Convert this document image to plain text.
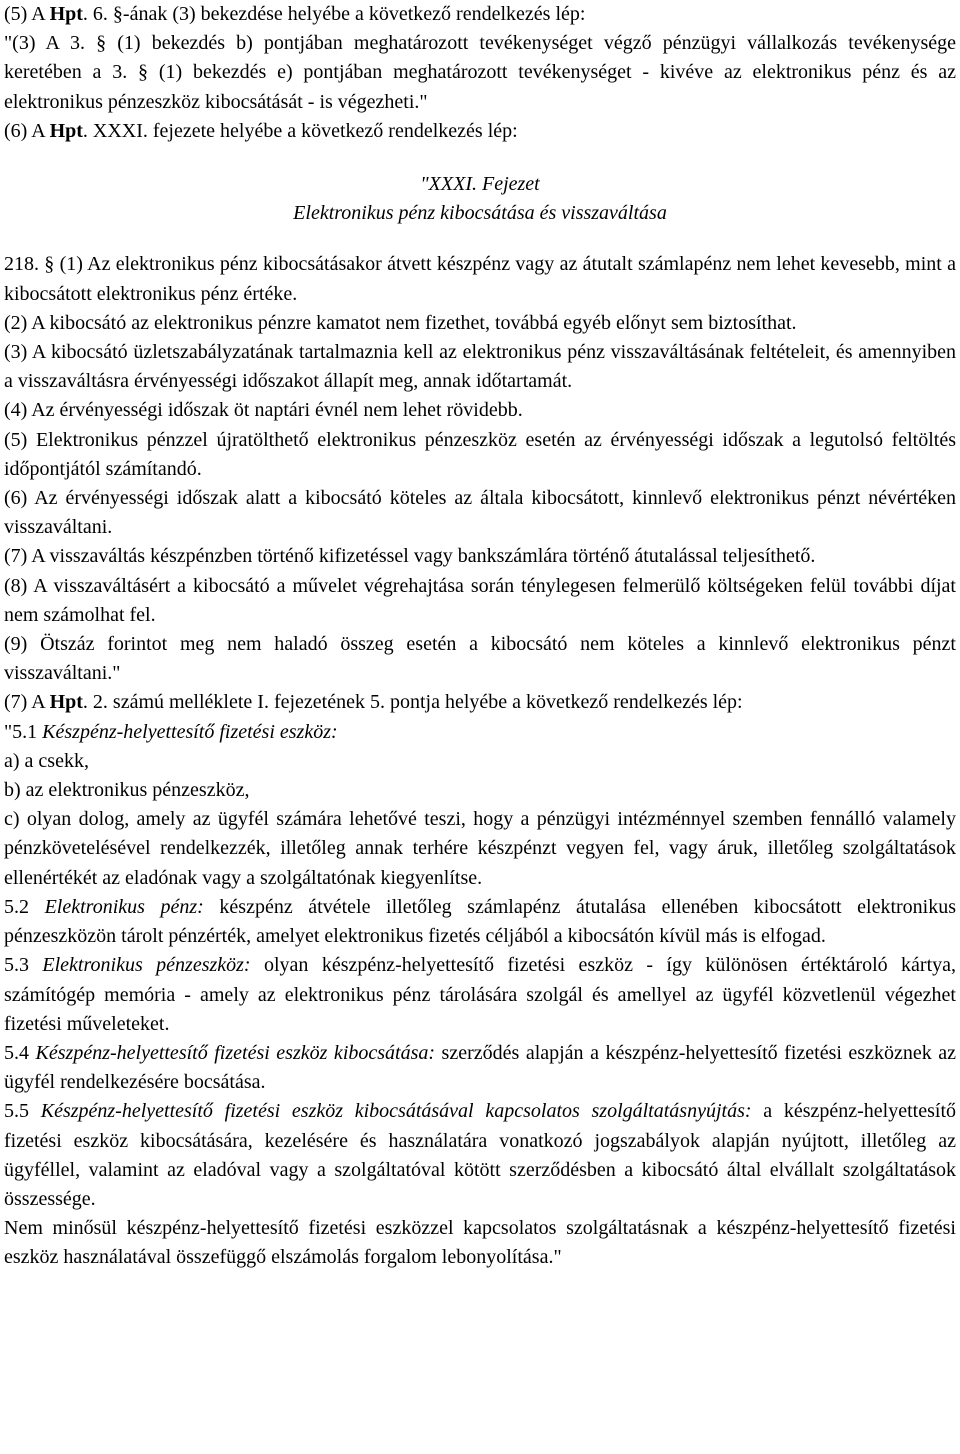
(5) A Hpt. 6. §-ának (3) bekezdése helyébe a következő rendelkezés lép:
"(3) A 3. § (1) bekezdés b) pontjában meghatározott tevékenységet végző pénzügyi vállalkozás tevékenysége keretében a 3. § (1) bekezdés e) pontjában meghatározott tevékenységet - kivéve az elektronikus pénz és az elektronikus pénzeszköz kibocsátását - is végezheti."
(6) A Hpt. XXXI. fejezete helyébe a következő rendelkezés lép:
"XXXI. Fejezet
Elektronikus pénz kibocsátása és visszaváltása
218. § (1) Az elektronikus pénz kibocsátásakor átvett készpénz vagy az átutalt számlapénz nem lehet kevesebb, mint a kibocsátott elektronikus pénz értéke.
(2) A kibocsátó az elektronikus pénzre kamatot nem fizethet, továbbá egyéb előnyt sem biztosíthat.
(3) A kibocsátó üzletszabályzatának tartalmaznia kell az elektronikus pénz visszaváltásának feltételeit, és amennyiben a visszaváltásra érvényességi időszakot állapít meg, annak időtartamát.
(4) Az érvényességi időszak öt naptári évnél nem lehet rövidebb.
(5) Elektronikus pénzzel újratölthető elektronikus pénzeszköz esetén az érvényességi időszak a legutolsó feltöltés időpontjától számítandó.
(6) Az érvényességi időszak alatt a kibocsátó köteles az általa kibocsátott, kinnlevő elektronikus pénzt névértéken visszaváltani.
(7) A visszaváltás készpénzben történő kifizetéssel vagy bankszámlára történő átutalással teljesíthető.
(8) A visszaváltásért a kibocsátó a művelet végrehajtása során ténylegesen felmerülő költségeken felül további díjat nem számolhat fel.
(9) Ötszáz forintot meg nem haladó összeg esetén a kibocsátó nem köteles a kinnlevő elektronikus pénzt visszaváltani."
(7) A Hpt. 2. számú melléklete I. fejezetének 5. pontja helyébe a következő rendelkezés lép:
"5.1 Készpénz-helyettesítő fizetési eszköz:
a) a csekk,
b) az elektronikus pénzeszköz,
c) olyan dolog, amely az ügyfél számára lehetővé teszi, hogy a pénzügyi intézménnyel szemben fennálló valamely pénzkövetelésével rendelkezzék, illetőleg annak terhére készpénzt vegyen fel, vagy áruk, illetőleg szolgáltatások ellenértékét az eladónak vagy a szolgáltatónak kiegyenlítse.
5.2 Elektronikus pénz: készpénz átvétele illetőleg számlapénz átutalása ellenében kibocsátott elektronikus pénzeszközön tárolt pénzérték, amelyet elektronikus fizetés céljából a kibocsátón kívül más is elfogad.
5.3 Elektronikus pénzeszköz: olyan készpénz-helyettesítő fizetési eszköz - így különösen értéktároló kártya, számítógép memória - amely az elektronikus pénz tárolására szolgál és amellyel az ügyfél közvetlenül végezhet fizetési műveleteket.
5.4 Készpénz-helyettesítő fizetési eszköz kibocsátása: szerződés alapján a készpénz-helyettesítő fizetési eszköznek az ügyfél rendelkezésére bocsátása.
5.5 Készpénz-helyettesítő fizetési eszköz kibocsátásával kapcsolatos szolgáltatásnyújtás: a készpénz-helyettesítő fizetési eszköz kibocsátására, kezelésére és használatára vonatkozó jogszabályok alapján nyújtott, illetőleg az ügyféllel, valamint az eladóval vagy a szolgáltatóval kötött szerződésben a kibocsátó által elvállalt szolgáltatások összessége.
Nem minősül készpénz-helyettesítő fizetési eszközzel kapcsolatos szolgáltatásnak a készpénz-helyettesítő fizetési eszköz használatával összefüggő elszámolás forgalom lebonyolítása."
